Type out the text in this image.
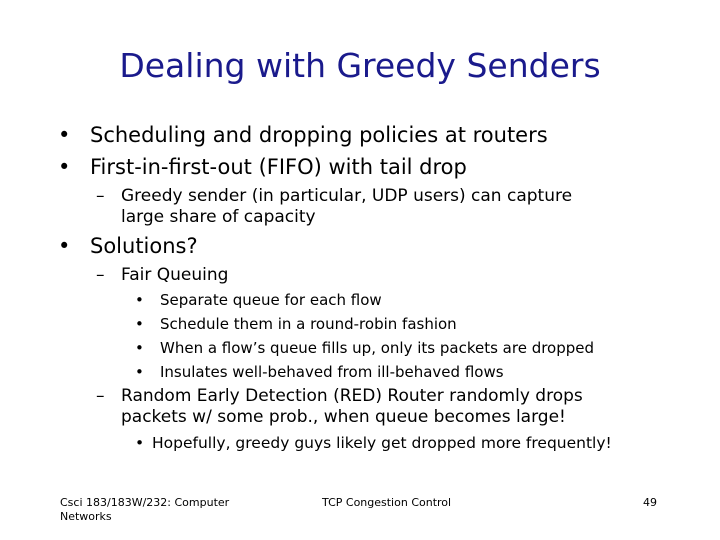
Dealing with Greedy Senders
• Scheduling and dropping policies at routers
• First-in-first-out (FIFO) with tail drop
– Greedy sender (in particular, UDP users) can capture
large share of capacity
• Solutions?
– Fair Queuing
• Separate queue for each flow
• Schedule them in a round-robin fashion
• When a flow’s queue fills up, only its packets are dropped
• Insulates well-behaved from ill-behaved flows
– Random Early Detection (RED) Router randomly drops
packets w/ some prob., when queue becomes large!
• Hopefully, greedy guys likely get dropped more frequently!
Csci 183/183W/232: Computer
Networks
TCP Congestion Control	49
